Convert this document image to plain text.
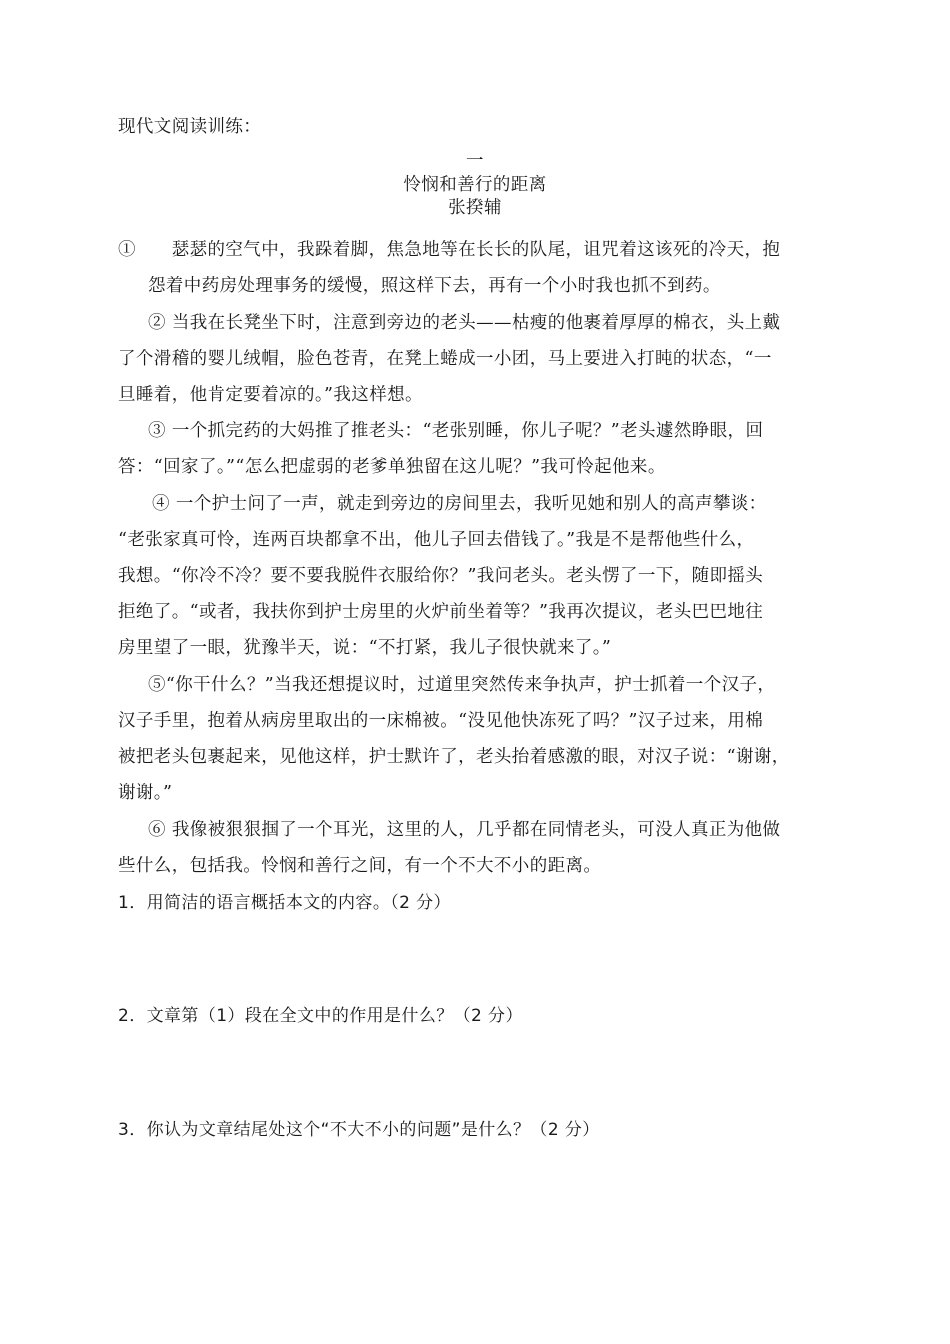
现代文阅读训练：
一
怜悯和善行的距离
张揆辅
①　　瑟瑟的空气中，我跺着脚，焦急地等在长长的队尾，诅咒着这该死的冷天，抱
怨着中药房处理事务的缓慢，照这样下去，再有一个小时我也抓不到药。
② 当我在长凳坐下时，注意到旁边的老头——枯瘦的他裹着厚厚的棉衣，头上戴
了个滑稽的婴儿绒帽，脸色苍青，在凳上蜷成一小团，马上要进入打盹的状态，“一
旦睡着，他肯定要着凉的。”我这样想。
③ 一个抓完药的大妈推了推老头：“老张别睡，你儿子呢？”老头遽然睁眼，回
答：“回家了。”“怎么把虚弱的老爹单独留在这儿呢？”我可怜起他来。
④ 一个护士问了一声，就走到旁边的房间里去，我听见她和别人的高声攀谈：
“老张家真可怜，连两百块都拿不出，他儿子回去借钱了。”我是不是帮他些什么，
我想。“你冷不冷？要不要我脱件衣服给你？”我问老头。老头愣了一下，随即摇头
拒绝了。“或者，我扶你到护士房里的火炉前坐着等？”我再次提议，老头巴巴地往
房里望了一眼，犹豫半天，说：“不打紧，我儿子很快就来了。”
⑤“你干什么？”当我还想提议时，过道里突然传来争执声，护士抓着一个汉子，
汉子手里，抱着从病房里取出的一床棉被。“没见他快冻死了吗？”汉子过来，用棉
被把老头包裹起来，见他这样，护士默许了，老头抬着感激的眼，对汉子说：“谢谢，
谢谢。”
⑥ 我像被狠狠掴了一个耳光，这里的人，几乎都在同情老头，可没人真正为他做
些什么，包括我。怜悯和善行之间，有一个不大不小的距离。
1．用简洁的语言概括本文的内容。（2 分）
2．文章第（1）段在全文中的作用是什么？（2 分）
3．你认为文章结尾处这个“不大不小的问题”是什么？（2 分）
